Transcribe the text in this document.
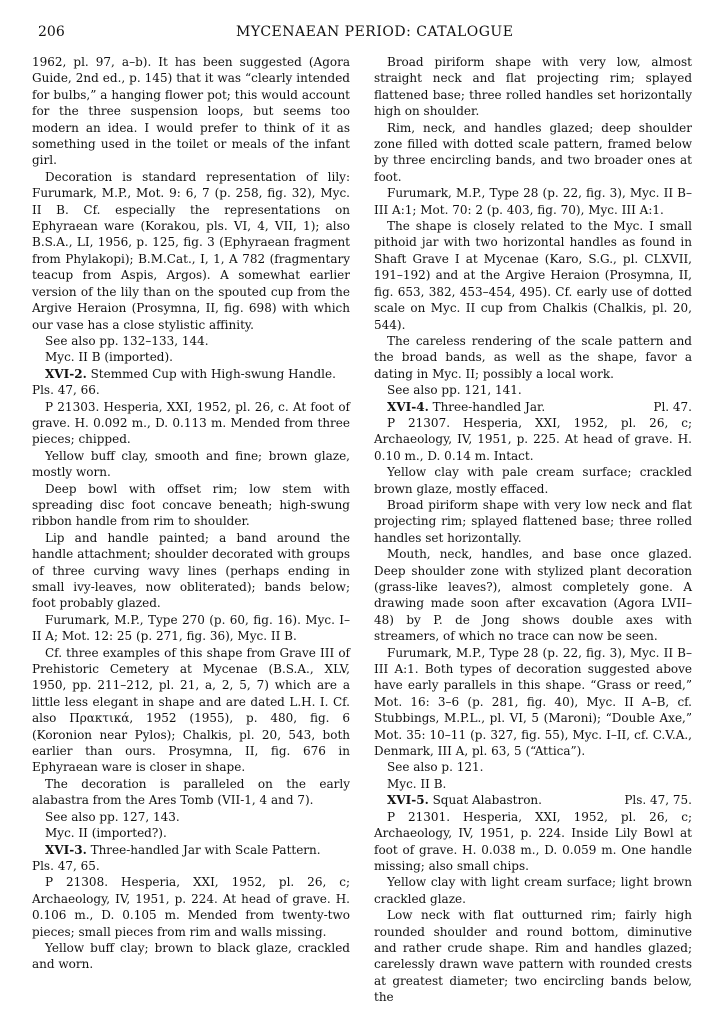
206	MYCENAEAN PERIOD: CATALOGUE

1962, pl. 97, a–b). It has been suggested (Agora Guide, 2nd ed., p. 145) that it was “clearly intended for bulbs,” a hanging flower pot; this would account for the three suspension loops, but seems too modern an idea. I would prefer to think of it as something used in the toilet or meals of the infant girl.

Decoration is standard representation of lily: Furumark, M.P., Mot. 9: 6, 7 (p. 258, fig. 32), Myc. II B. Cf. especially the representations on Ephyraean ware (Korakou, pls. VI, 4, VII, 1); also B.S.A., LI, 1956, p. 125, fig. 3 (Ephyraean fragment from Phylakopi); B.M.Cat., I, 1, A 782 (fragmentary teacup from Aspis, Argos). A somewhat earlier version of the lily than on the spouted cup from the Argive Heraion (Prosymna, II, fig. 698) with which our vase has a close stylistic affinity.

See also pp. 132–133, 144.

Myc. II B (imported).

XVI-2. Stemmed Cup with High-swung Handle.

Pls. 47, 66.

P 21303. Hesperia, XXI, 1952, pl. 26, c. At foot of grave. H. 0.092 m., D. 0.113 m. Mended from three pieces; chipped.

Yellow buff clay, smooth and fine; brown glaze, mostly worn.

Deep bowl with offset rim; low stem with spreading disc foot concave beneath; high-swung ribbon handle from rim to shoulder.

Lip and handle painted; a band around the handle attachment; shoulder decorated with groups of three curving wavy lines (perhaps ending in small ivy-leaves, now obliterated); bands below; foot probably glazed.

Furumark, M.P., Type 270 (p. 60, fig. 16). Myc. I–II A; Mot. 12: 25 (p. 271, fig. 36), Myc. II B.

Cf. three examples of this shape from Grave III of Prehistoric Cemetery at Mycenae (B.S.A., XLV, 1950, pp. 211–212, pl. 21, a, 2, 5, 7) which are a little less elegant in shape and are dated L.H. I. Cf. also Πρακτικά, 1952 (1955), p. 480, fig. 6 (Koronion near Pylos); Chalkis, pl. 20, 543, both earlier than ours. Prosymna, II, fig. 676 in Ephyraean ware is closer in shape.

The decoration is paralleled on the early alabastra from the Ares Tomb (VII-1, 4 and 7).

See also pp. 127, 143.

Myc. II (imported?).

XVI-3. Three-handled Jar with Scale Pattern.

Pls. 47, 65.

P 21308. Hesperia, XXI, 1952, pl. 26, c; Archaeology, IV, 1951, p. 224. At head of grave. H. 0.106 m., D. 0.105 m. Mended from twenty-two pieces; small pieces from rim and walls missing.

Yellow buff clay; brown to black glaze, crackled and worn.

Broad piriform shape with very low, almost straight neck and flat projecting rim; splayed flattened base; three rolled handles set horizontally high on shoulder.

Rim, neck, and handles glazed; deep shoulder zone filled with dotted scale pattern, framed below by three encircling bands, and two broader ones at foot.

Furumark, M.P., Type 28 (p. 22, fig. 3), Myc. II B–III A:1; Mot. 70: 2 (p. 403, fig. 70), Myc. III A:1.

The shape is closely related to the Myc. I small pithoid jar with two horizontal handles as found in Shaft Grave I at Mycenae (Karo, S.G., pl. CLXVII, 191–192) and at the Argive Heraion (Prosymna, II, fig. 653, 382, 453–454, 495). Cf. early use of dotted scale on Myc. II cup from Chalkis (Chalkis, pl. 20, 544).

The careless rendering of the scale pattern and the broad bands, as well as the shape, favor a dating in Myc. II; possibly a local work.

See also pp. 121, 141.

Pl. 47.
XVI-4. Three-handled Jar.

P 21307. Hesperia, XXI, 1952, pl. 26, c; Archaeology, IV, 1951, p. 225. At head of grave. H. 0.10 m., D. 0.14 m. Intact.

Yellow clay with pale cream surface; crackled brown glaze, mostly effaced.

Broad piriform shape with very low neck and flat projecting rim; splayed flattened base; three rolled handles set horizontally.

Mouth, neck, handles, and base once glazed. Deep shoulder zone with stylized plant decoration (grass-like leaves?), almost completely gone. A drawing made soon after excavation (Agora LVII–48) by P. de Jong shows double axes with streamers, of which no trace can now be seen.

Furumark, M.P., Type 28 (p. 22, fig. 3), Myc. II B–III A:1. Both types of decoration suggested above have early parallels in this shape. “Grass or reed,” Mot. 16: 3–6 (p. 281, fig. 40), Myc. II A–B, cf. Stubbings, M.P.L., pl. VI, 5 (Maroni); “Double Axe,” Mot. 35: 10–11 (p. 327, fig. 55), Myc. I–II, cf. C.V.A., Denmark, III A, pl. 63, 5 (“Attica”).

See also p. 121.

Myc. II B.

Pls. 47, 75.
XVI-5. Squat Alabastron.

P 21301. Hesperia, XXI, 1952, pl. 26, c; Archaeology, IV, 1951, p. 224. Inside Lily Bowl at foot of grave. H. 0.038 m., D. 0.059 m. One handle missing; also small chips.

Yellow clay with light cream surface; light brown crackled glaze.

Low neck with flat outturned rim; fairly high rounded shoulder and round bottom, diminutive and rather crude shape. Rim and handles glazed; carelessly drawn wave pattern with rounded crests at greatest diameter; two encircling bands below, the
